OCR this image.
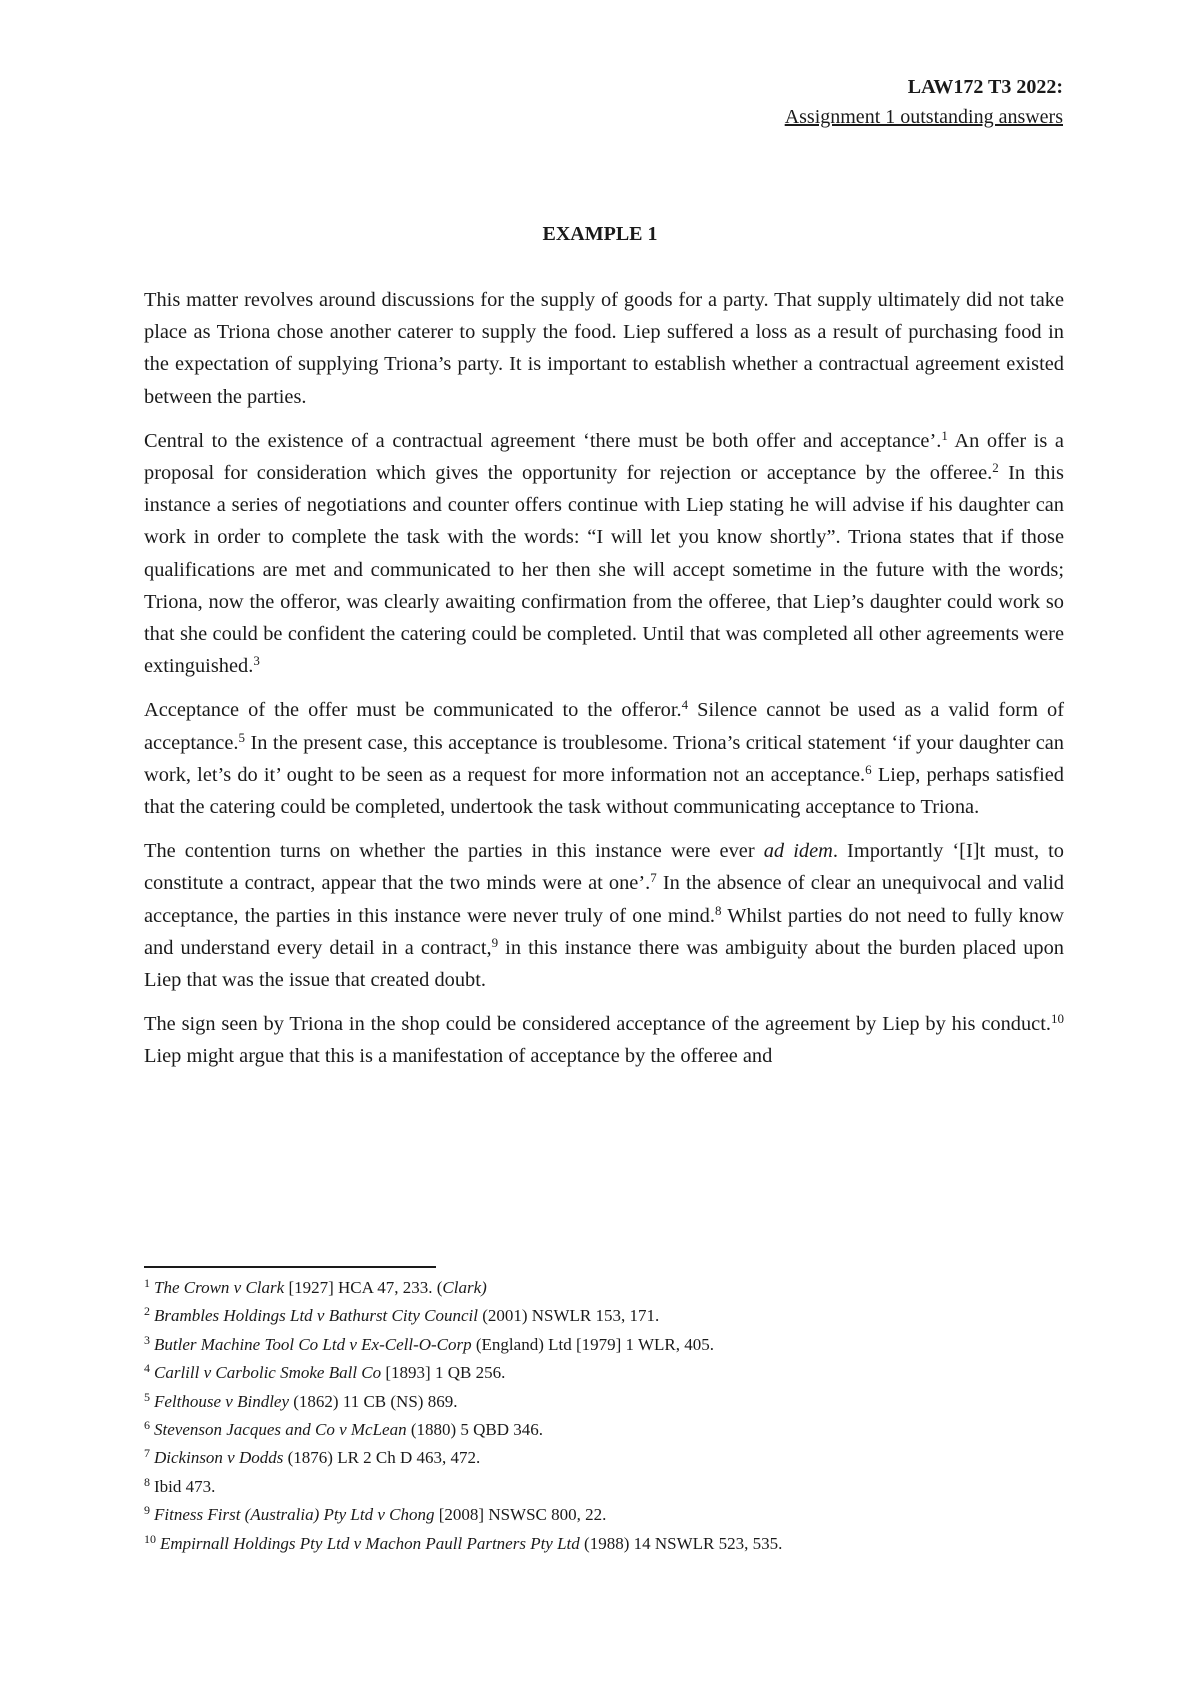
LAW172 T3 2022:
Assignment 1 outstanding answers
EXAMPLE 1

This matter revolves around discussions for the supply of goods for a party. That supply ultimately did not take place as Triona chose another caterer to supply the food. Liep suffered a loss as a result of purchasing food in the expectation of supplying Triona’s party. It is important to establish whether a contractual agreement existed between the parties.

Central to the existence of a contractual agreement ‘there must be both offer and acceptance’.$^1$ An offer is a proposal for consideration which gives the opportunity for rejection or acceptance by the offeree.$^2$ In this instance a series of negotiations and counter offers continue with Liep stating he will advise if his daughter can work in order to complete the task with the words: “I will let you know shortly”. Triona states that if those qualifications are met and communicated to her then she will accept sometime in the future with the words; Triona, now the offeror, was clearly awaiting confirmation from the offeree, that Liep’s daughter could work so that she could be confident the catering could be completed. Until that was completed all other agreements were extinguished.$^3$

Acceptance of the offer must be communicated to the offeror.$^4$ Silence cannot be used as a valid form of acceptance.$^5$ In the present case, this acceptance is troublesome. Triona’s critical statement ‘if your daughter can work, let’s do it’ ought to be seen as a request for more information not an acceptance.$^6$ Liep, perhaps satisfied that the catering could be completed, undertook the task without communicating acceptance to Triona.

The contention turns on whether the parties in this instance were ever ad idem. Importantly ‘[I]t must, to constitute a contract, appear that the two minds were at one’.$^7$ In the absence of clear an unequivocal and valid acceptance, the parties in this instance were never truly of one mind.$^8$ Whilst parties do not need to fully know and understand every detail in a contract,$^9$ in this instance there was ambiguity about the burden placed upon Liep that was the issue that created doubt.

The sign seen by Triona in the shop could be considered acceptance of the agreement by Liep by his conduct.$^{10}$ Liep might argue that this is a manifestation of acceptance by the offeree and

$^1$ The Crown v Clark [1927] HCA 47, 233. (Clark)
$^2$ Brambles Holdings Ltd v Bathurst City Council (2001) NSWLR 153, 171.
$^3$ Butler Machine Tool Co Ltd v Ex-Cell-O-Corp (England) Ltd [1979] 1 WLR, 405.
$^4$ Carlill v Carbolic Smoke Ball Co [1893] 1 QB 256.
$^5$ Felthouse v Bindley (1862) 11 CB (NS) 869.
$^6$ Stevenson Jacques and Co v McLean (1880) 5 QBD 346.
$^7$ Dickinson v Dodds (1876) LR 2 Ch D 463, 472.
$^8$ Ibid 473.
$^9$ Fitness First (Australia) Pty Ltd v Chong [2008] NSWSC 800, 22.
$^{10}$ Empirnall Holdings Pty Ltd v Machon Paull Partners Pty Ltd (1988) 14 NSWLR 523, 535.
